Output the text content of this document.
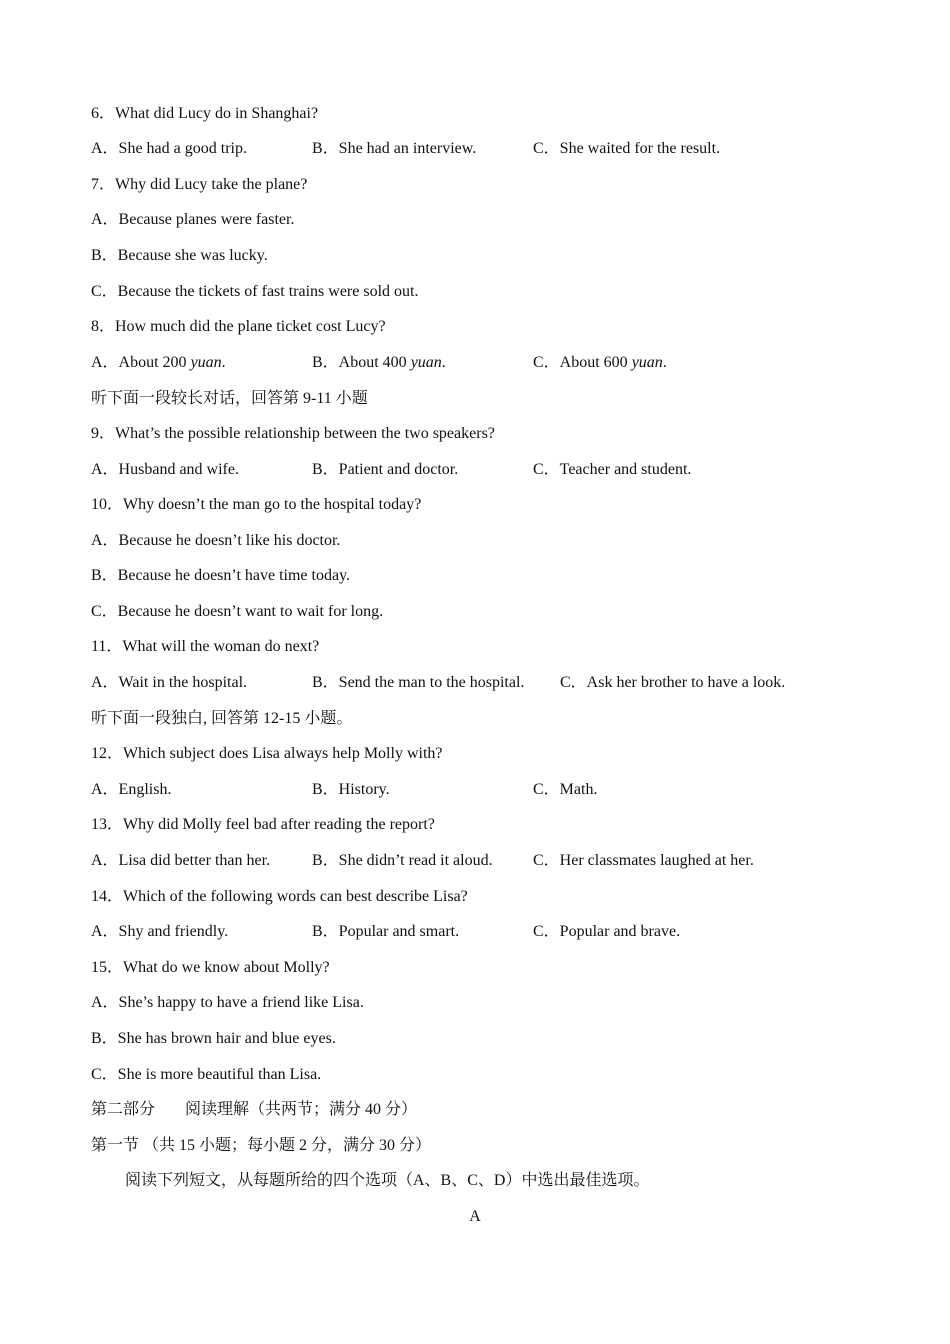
6．What did Lucy do in Shanghai?
A．She had a good trip.	B．She had an interview.	C．She waited for the result.
7．Why did Lucy take the plane?
A．Because planes were faster.
B．Because she was lucky.
C．Because the tickets of fast trains were sold out.
8．How much did the plane ticket cost Lucy?
A．About 200 yuan.	B．About 400 yuan.	C．About 600 yuan.
听下面一段较长对话，回答第 9-11 小题
9．What’s the possible relationship between the two speakers?
A．Husband and wife.	B．Patient and doctor.	C．Teacher and student.
10．Why doesn’t the man go to the hospital today?
A．Because he doesn’t like his doctor.
B．Because he doesn’t have time today.
C．Because he doesn’t want to wait for long.
11．What will the woman do next?
A．Wait in the hospital.	B．Send the man to the hospital. C．Ask her brother to have a look.
听下面一段独白, 回答第 12-15 小题。
12．Which subject does Lisa always help Molly with?
A．English.	B．History.	C．Math.
13．Why did Molly feel bad after reading the report?
A．Lisa did better than her.	B．She didn’t read it aloud.	C．Her classmates laughed at her.
14．Which of the following words can best describe Lisa?
A．Shy and friendly.	B．Popular and smart.	C．Popular and brave.
15．What do we know about Molly?
A．She’s happy to have a friend like Lisa.
B．She has brown hair and blue eyes.
C．She is more beautiful than Lisa.
第二部分 阅读理解（共两节；满分 40 分）
第一节 （共 15 小题；每小题 2 分，满分 30 分）
阅读下列短文，从每题所给的四个选项（A、B、C、D）中选出最佳选项。
A
